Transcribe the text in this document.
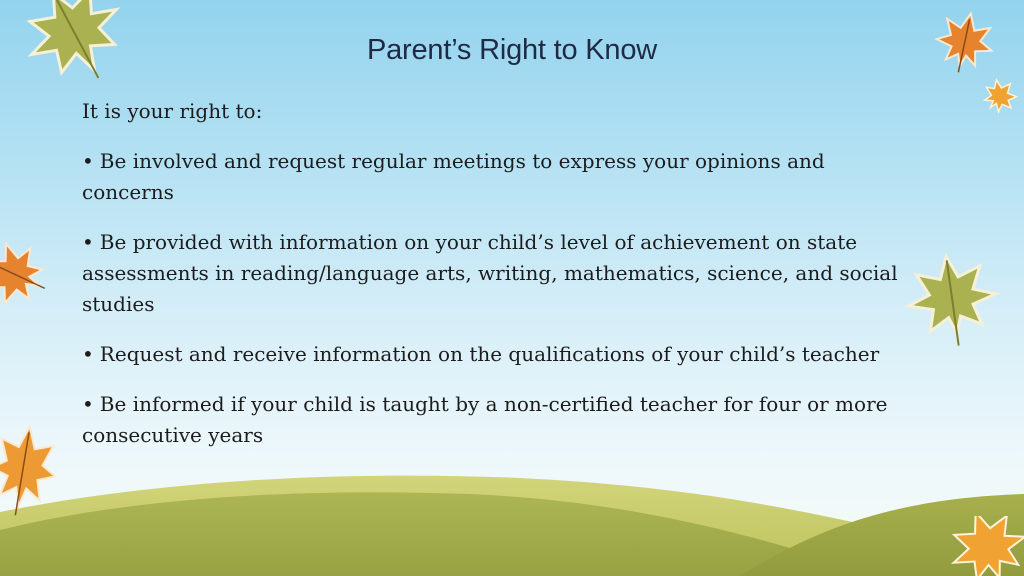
Parent’s Right to Know
It is your right to:
• Be involved and request regular meetings to express your opinions and concerns
• Be provided with information on your child’s level of achievement on state assessments in reading/language arts, writing, mathematics, science, and social studies
• Request and receive information on the qualifications of your child’s teacher
• Be informed if your child is taught by a non-certified teacher for four or more consecutive years
